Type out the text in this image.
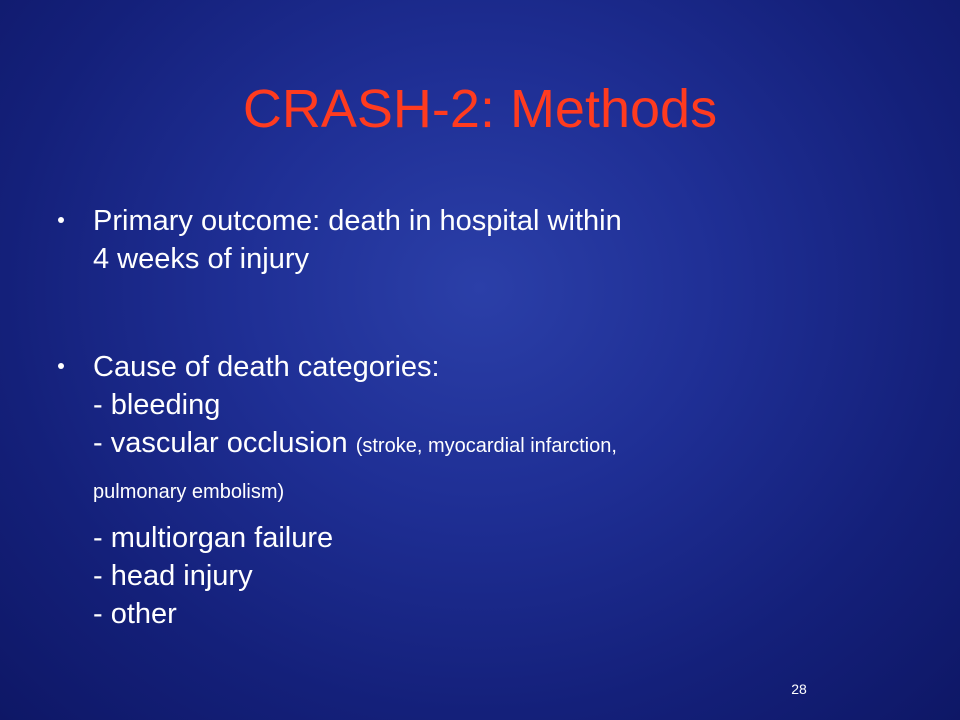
CRASH-2: Methods
Primary outcome: death in hospital within
4 weeks of injury
Cause of death categories:
- bleeding
- vascular occlusion (stroke, myocardial infarction,
pulmonary embolism)
- multiorgan failure
- head injury
- other
28
